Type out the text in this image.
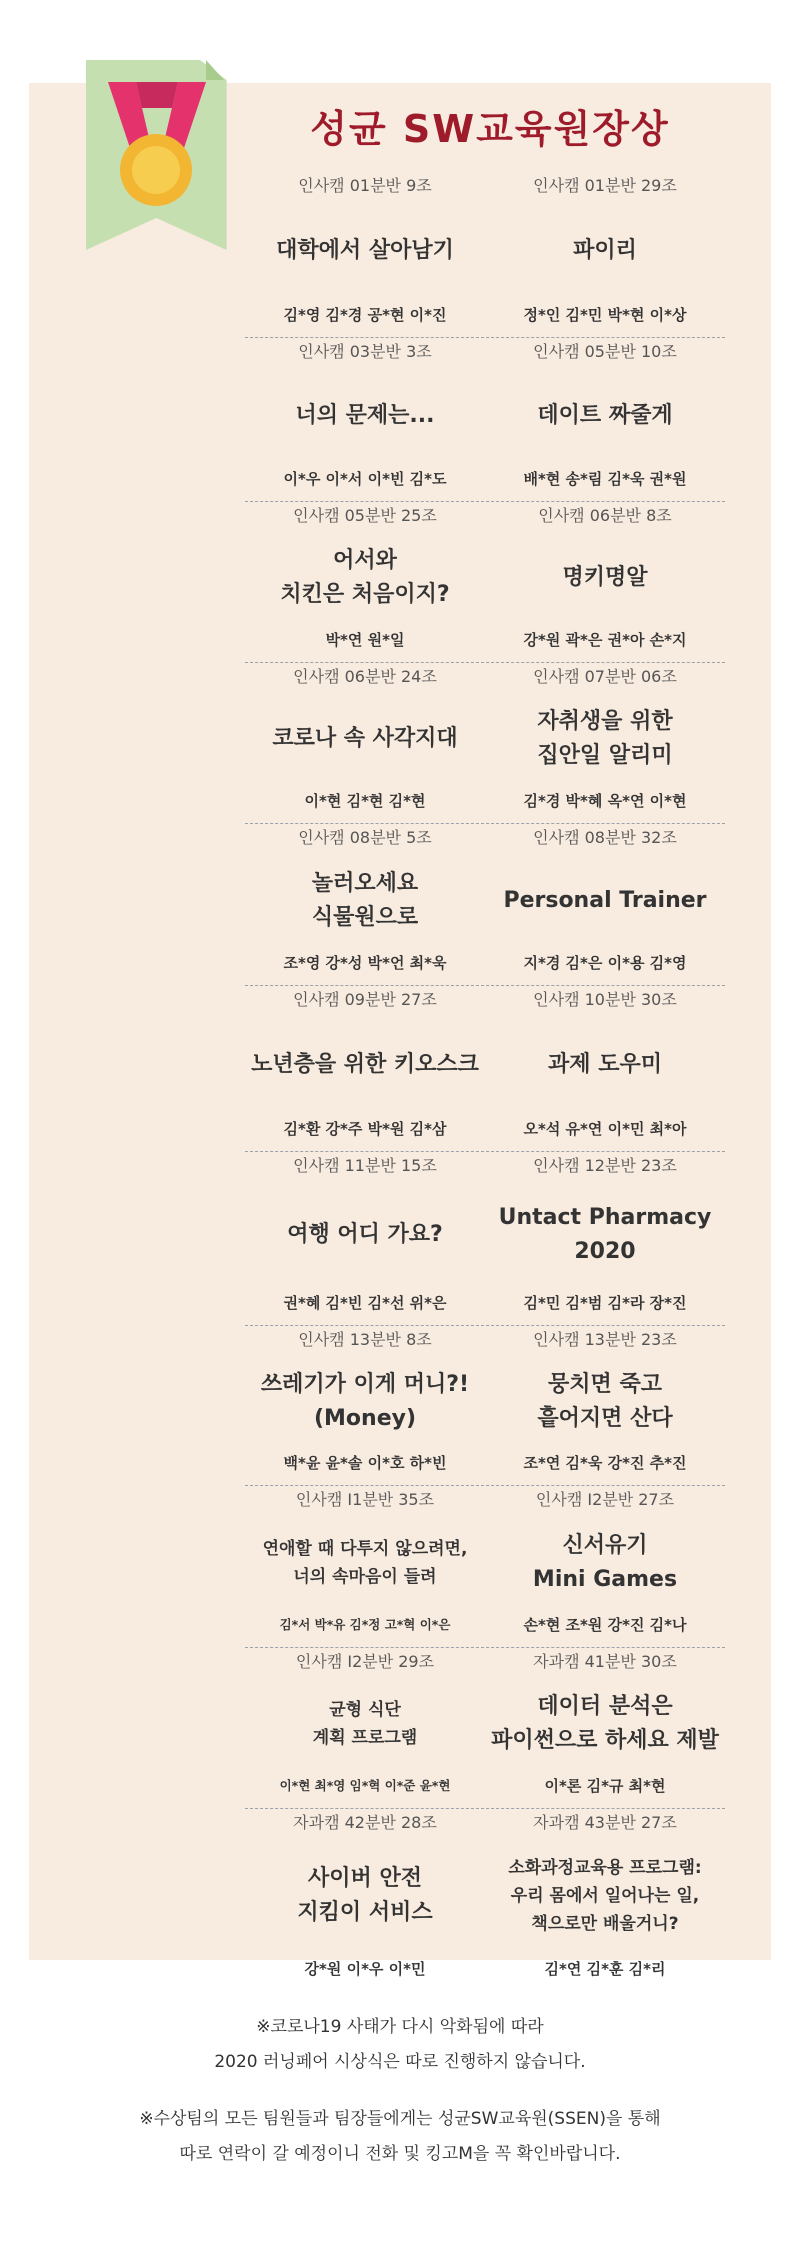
성균 SW교육원장상
인사캠 01분반 9조
대학에서 살아남기
김*영 김*경 공*현 이*진
인사캠 01분반 29조
파이리
정*인 김*민 박*현 이*상
인사캠 03분반 3조
너의 문제는...
이*우 이*서 이*빈 김*도
인사캠 05분반 10조
데이트 짜줄게
배*현 송*림 김*욱 권*원
인사캠 05분반 25조
어서와
치킨은 처음이지?
박*연 원*일
인사캠 06분반 8조
명키명알
강*원 곽*은 권*아 손*지
인사캠 06분반 24조
코로나 속 사각지대
이*현 김*현 김*현
인사캠 07분반 06조
자취생을 위한
집안일 알리미
김*경 박*혜 옥*연 이*현
인사캠 08분반 5조
놀러오세요
식물원으로
조*영 강*성 박*언 최*욱
인사캠 08분반 32조
Personal Trainer
지*경 김*은 이*용 김*영
인사캠 09분반 27조
노년층을 위한 키오스크
김*환 강*주 박*원 김*삼
인사캠 10분반 30조
과제 도우미
오*석 유*연 이*민 최*아
인사캠 11분반 15조
여행 어디 가요?
권*혜 김*빈 김*선 위*은
인사캠 12분반 23조
Untact Pharmacy
2020
김*민 김*범 김*라 장*진
인사캠 13분반 8조
쓰레기가 이게 머니?!
(Money)
백*윤 윤*솔 이*호 하*빈
인사캠 13분반 23조
뭉치면 죽고
흩어지면 산다
조*연 김*욱 강*진 추*진
인사캠 I1분반 35조
연애할 때 다투지 않으려면,
너의 속마음이 들려
김*서 박*유 김*정 고*혁 이*은
인사캠 I2분반 27조
신서유기
Mini Games
손*현 조*원 강*진 김*나
인사캠 I2분반 29조
균형 식단
계획 프로그램
이*현 최*영 임*혁 이*준 윤*현
자과캠 41분반 30조
데이터 분석은
파이썬으로 하세요 제발
이*론 김*규 최*현
자과캠 42분반 28조
사이버 안전
지킴이 서비스
강*원 이*우 이*민
자과캠 43분반 27조
소화과정교육용 프로그램:
우리 몸에서 일어나는 일,
책으로만 배울거니?
김*연 김*훈 김*리

※코로나19 사태가 다시 악화됨에 따라

2020 러닝페어 시상식은 따로 진행하지 않습니다.

※수상팀의 모든 팀원들과 팀장들에게는 성균SW교육원(SSEN)을 통해

따로 연락이 갈 예정이니 전화 및 킹고M을 꼭 확인바랍니다.
